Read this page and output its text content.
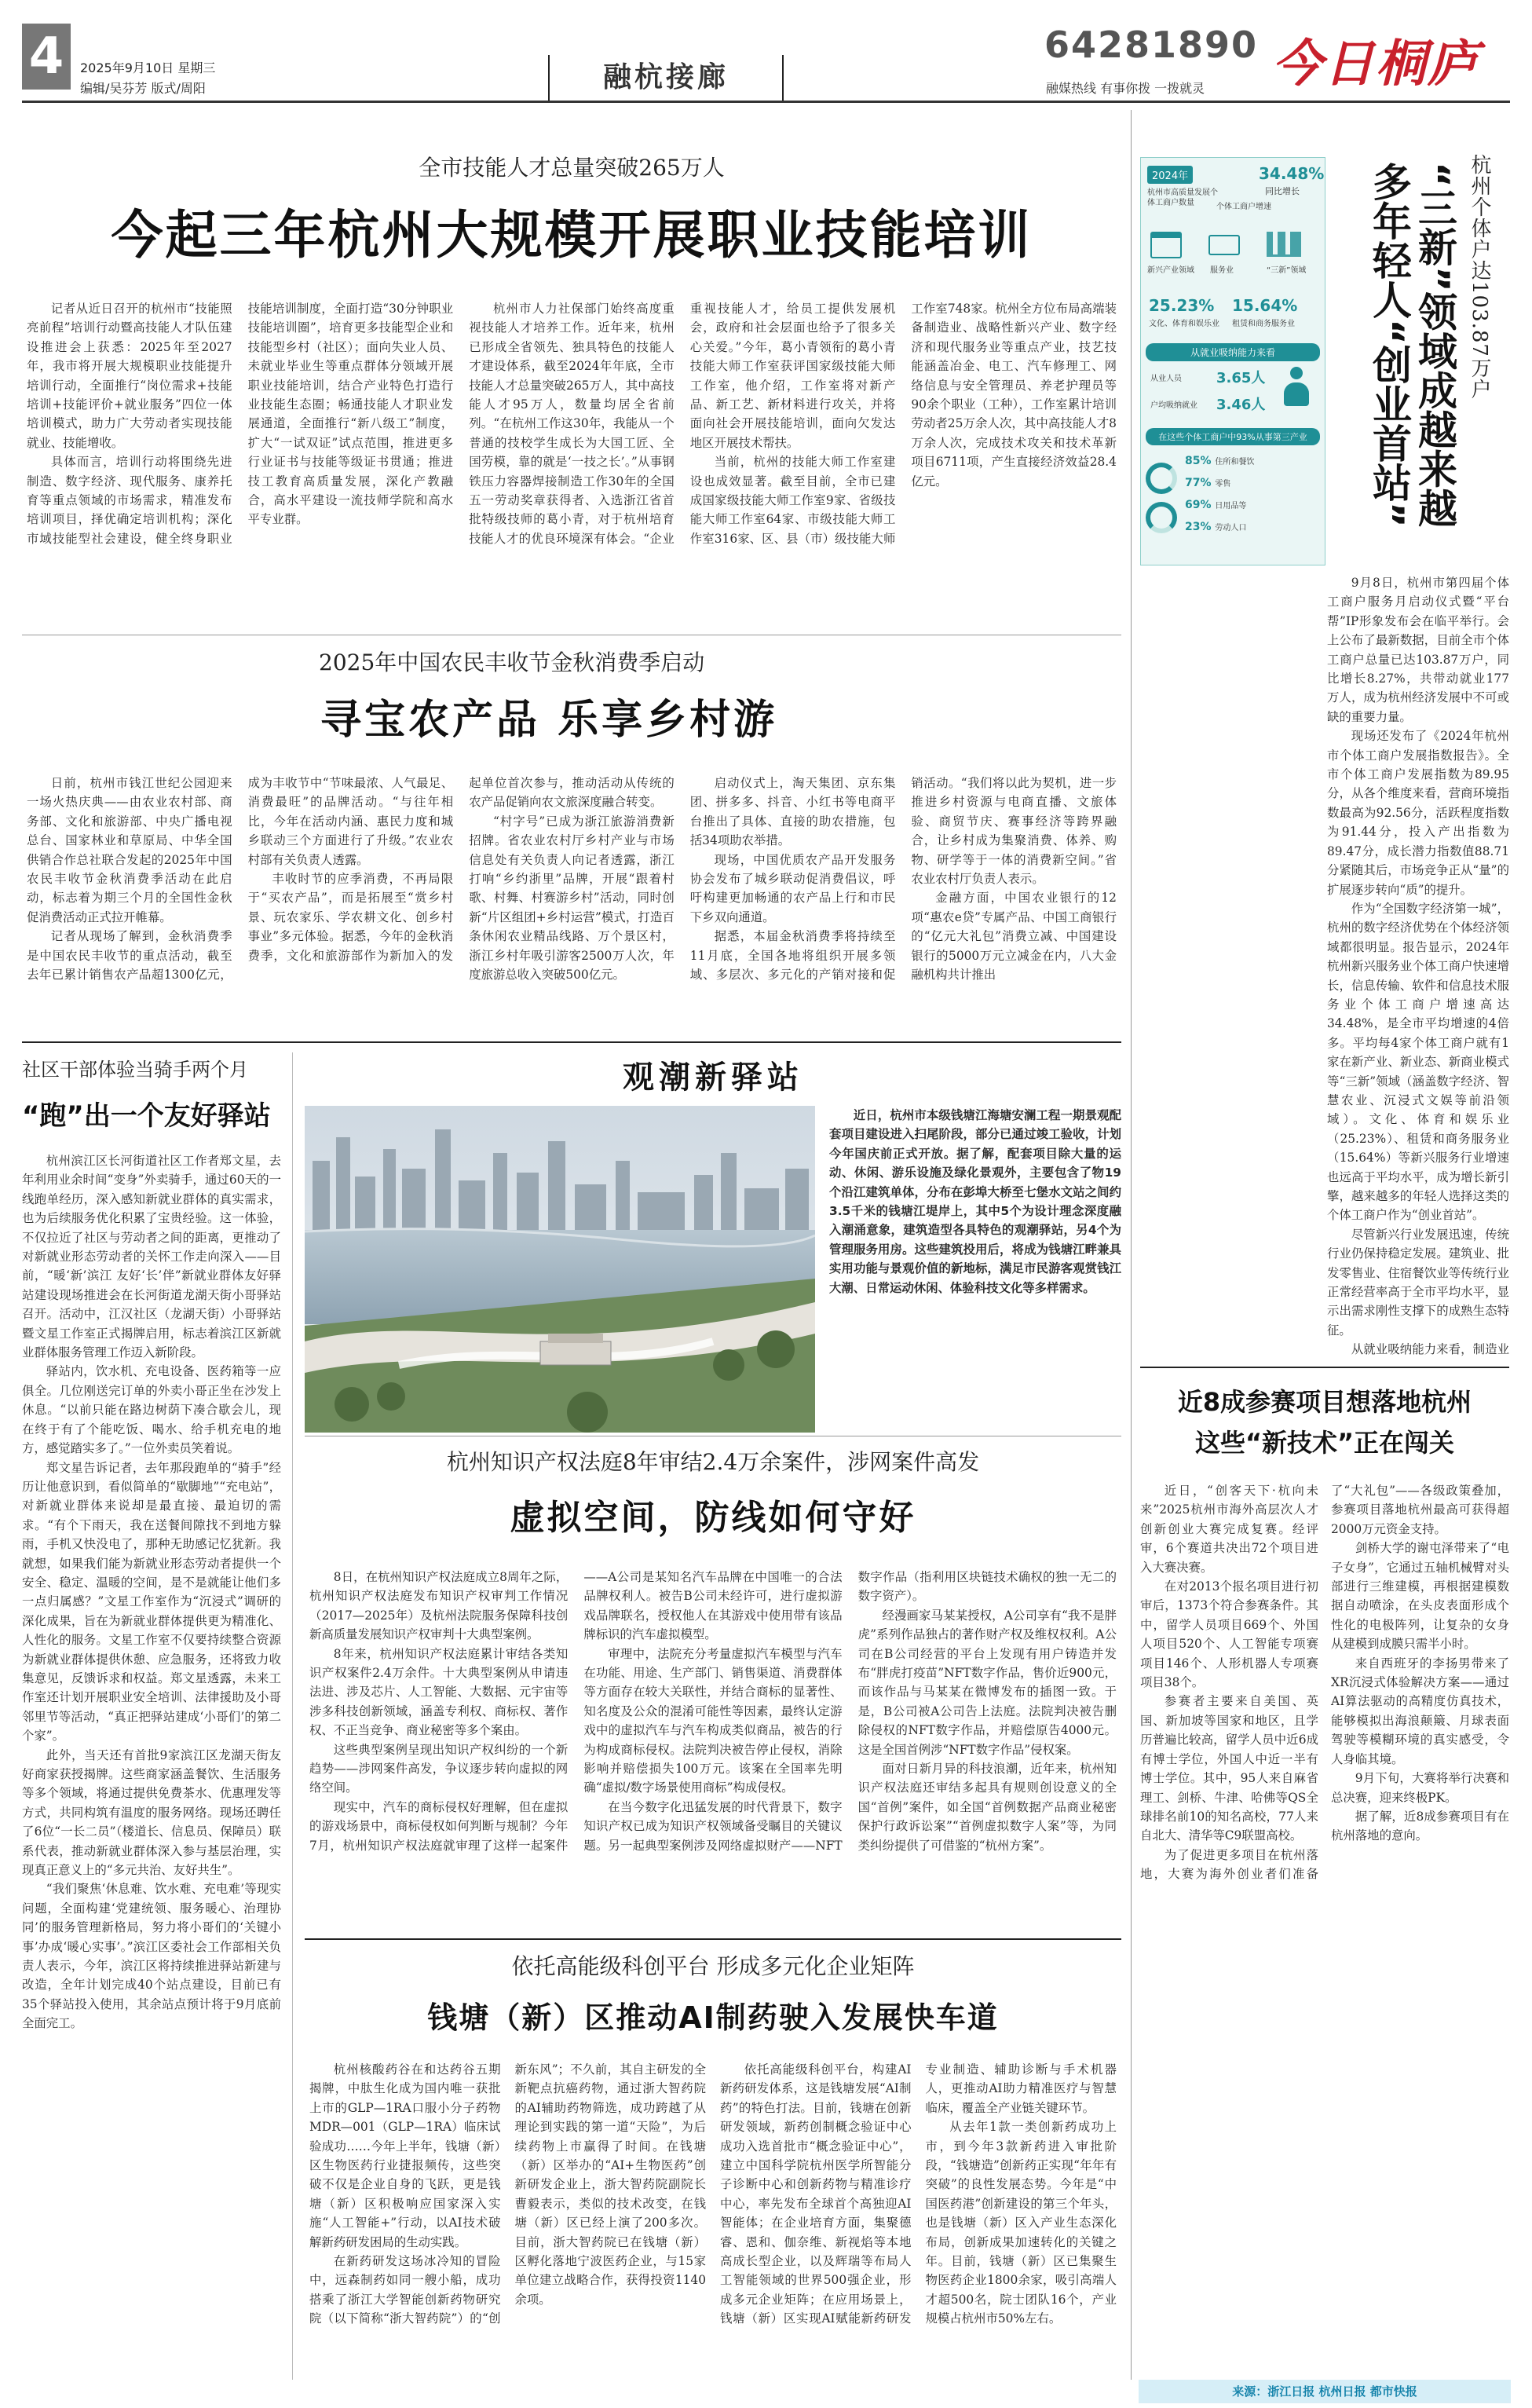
4	2025年9月10日 星期三
编辑/吴芬芳 版式/周阳	融杭接廊
64281890
融媒热线 有事你拨 一拨就灵 今日桐庐
全市技能人才总量突破265万人
今起三年杭州大规模开展职业技能培训

记者从近日召开的杭州市“技能照亮前程”培训行动暨高技能人才队伍建设推进会上获悉：2025年至2027年，我市将开展大规模职业技能提升培训行动，全面推行“岗位需求+技能培训+技能评价+就业服务”四位一体培训模式，助力广大劳动者实现技能就业、技能增收。

具体而言，培训行动将围绕先进制造、数字经济、现代服务、康养托育等重点领域的市场需求，精准发布培训项目，择优确定培训机构；深化市域技能型社会建设，健全终身职业技能培训制度，全面打造“30分钟职业技能培训圈”，培育更多技能型企业和技能型乡村（社区）；面向失业人员、未就业毕业生等重点群体分领域开展职业技能培训，结合产业特色打造行业技能生态圈；畅通技能人才职业发展通道，全面推行“新八级工”制度，扩大“一试双证”试点范围，推进更多行业证书与技能等级证书贯通；推进技工教育高质量发展，深化产教融合，高水平建设一流技师学院和高水平专业群。

杭州市人力社保部门始终高度重视技能人才培养工作。近年来，杭州已形成全省领先、独具特色的技能人才建设体系，截至2024年年底，全市技能人才总量突破265万人，其中高技能人才95万人，数量均居全省前列。“在杭州工作这30年，我能从一个普通的技校学生成长为大国工匠、全国劳模，靠的就是‘一技之长’。”从事钢铁压力容器焊接制造工作30年的全国五一劳动奖章获得者、入选浙江省首批特级技师的葛小青，对于杭州培育技能人才的优良环境深有体会。“企业重视技能人才，给员工提供发展机会，政府和社会层面也给予了很多关心关爱。”今年，葛小青领衔的葛小青技能大师工作室获评国家级技能大师工作室，他介绍，工作室将对新产品、新工艺、新材料进行攻关，并将面向社会开展技能培训，面向欠发达地区开展技术帮扶。

当前，杭州的技能大师工作室建设也成效显著。截至目前，全市已建成国家级技能大师工作室9家、省级技能大师工作室64家、市级技能大师工作室316家、区、县（市）级技能大师工作室748家。杭州全方位布局高端装备制造业、战略性新兴产业、数字经济和现代服务业等重点产业，技艺技能涵盖冶金、电工、汽车修理工、网络信息与安全管理员、养老护理员等90余个职业（工种），工作室累计培训劳动者25万余人次，其中高技能人才8万余人次，完成技术攻关和技术革新项目6711项，产生直接经济效益28.4亿元。

2025年中国农民丰收节金秋消费季启动
寻宝农产品 乐享乡村游

日前，杭州市钱江世纪公园迎来一场火热庆典——由农业农村部、商务部、文化和旅游部、中央广播电视总台、国家林业和草原局、中华全国供销合作总社联合发起的2025年中国农民丰收节金秋消费季活动在此启动，标志着为期三个月的全国性金秋促消费活动正式拉开帷幕。

记者从现场了解到，金秋消费季是中国农民丰收节的重点活动，截至去年已累计销售农产品超1300亿元，成为丰收节中“节味最浓、人气最足、消费最旺”的品牌活动。“与往年相比，今年在活动内涵、惠民力度和城乡联动三个方面进行了升级。”农业农村部有关负责人透露。

丰收时节的应季消费，不再局限于“买农产品”，而是拓展至“赏乡村景、玩农家乐、学农耕文化、创乡村事业”多元体验。据悉，今年的金秋消费季，文化和旅游部作为新加入的发起单位首次参与，推动活动从传统的农产品促销向农文旅深度融合转变。

“村字号”已成为浙江旅游消费新招牌。省农业农村厅乡村产业与市场信息处有关负责人向记者透露，浙江打响“乡约浙里”品牌，开展“跟着村歌、村舞、村赛游乡村”活动，同时创新“片区组团+乡村运营”模式，打造百条休闲农业精品线路、万个景区村，浙江乡村年吸引游客2500万人次，年度旅游总收入突破500亿元。

启动仪式上，淘天集团、京东集团、拼多多、抖音、小红书等电商平台推出了具体、直接的助农措施，包括34项助农举措。

现场，中国优质农产品开发服务协会发布了城乡联动促消费倡议，呼吁构建更加畅通的农产品上行和市民下乡双向通道。

据悉，本届金秋消费季将持续至11月底，全国各地将组织开展多领域、多层次、多元化的产销对接和促销活动。“我们将以此为契机，进一步推进乡村资源与电商直播、文旅体验、商贸节庆、赛事经济等跨界融合，让乡村成为集聚消费、体养、购物、研学等于一体的消费新空间。”省农业农村厅负责人表示。

金融方面，中国农业银行的12项“惠农e贷”专属产品、中国工商银行的“亿元大礼包”消费立减、中国建设银行的5000万元立减金在内，八大金融机构共计推出

社区干部体验当骑手两个月
“跑”出一个友好驿站

杭州滨江区长河街道社区工作者郑文星，去年利用业余时间“变身”外卖骑手，通过60天的一线跑单经历，深入感知新就业群体的真实需求，也为后续服务优化积累了宝贵经验。这一体验，不仅拉近了社区与劳动者之间的距离，更推动了对新就业形态劳动者的关怀工作走向深入——目前，“暖‘新’滨江 友好‘长’伴”新就业群体友好驿站建设现场推进会在长河街道龙湖天街小哥驿站召开。活动中，江汉社区（龙湖天街）小哥驿站暨文星工作室正式揭牌启用，标志着滨江区新就业群体服务管理工作迈入新阶段。

驿站内，饮水机、充电设备、医药箱等一应俱全。几位刚送完订单的外卖小哥正坐在沙发上休息。“以前只能在路边树荫下凑合歇会儿，现在终于有了个能吃饭、喝水、给手机充电的地方，感觉踏实多了。”一位外卖员笑着说。

郑文星告诉记者，去年那段跑单的“骑手”经历让他意识到，看似简单的“歇脚地”“充电站”，对新就业群体来说却是最直接、最迫切的需求。“有个下雨天，我在送餐间隙找不到地方躲雨，手机又快没电了，那种无助感记忆犹新。我就想，如果我们能为新就业形态劳动者提供一个安全、稳定、温暖的空间，是不是就能让他们多一点归属感？”文星工作室作为“沉浸式”调研的深化成果，旨在为新就业群体提供更为精准化、人性化的服务。文星工作室不仅要持续整合资源为新就业群体提供休憩、应急服务，还将致力收集意见，反馈诉求和权益。郑文星透露，未来工作室还计划开展职业安全培训、法律援助及小哥邻里节等活动，“真正把驿站建成‘小哥们’的第二个家”。

此外，当天还有首批9家滨江区龙湖天街友好商家获授揭牌。这些商家涵盖餐饮、生活服务等多个领域，将通过提供免费茶水、优惠理发等方式，共同构筑有温度的服务网络。现场还聘任了6位“一长二员”（楼道长、信息员、保障员）联系代表，推动新就业群体深入参与基层治理，实现真正意义上的“多元共治、友好共生”。

“我们聚焦‘休息难、饮水难、充电难’等现实问题，全面构建‘党建统领、服务暖心、治理协同’的服务管理新格局，努力将小哥们的‘关键小事’办成‘暖心实事’。”滨江区委社会工作部相关负责人表示，今年，滨江区将持续推进驿站新建与改造，全年计划完成40个站点建设，目前已有35个驿站投入使用，其余站点预计将于9月底前全面完工。

观潮新驿站
近日，杭州市本级钱塘江海塘安澜工程一期景观配套项目建设进入扫尾阶段，部分已通过竣工验收，计划今年国庆前正式开放。据了解，配套项目除大量的运动、休闲、游乐设施及绿化景观外，主要包含了物19个沿江建筑单体，分布在彭埠大桥至七堡水文站之间约3.5千米的钱塘江堤岸上，其中5个为设计理念深度融入潮涌意象，建筑造型各具特色的观潮驿站，另4个为管理服务用房。这些建筑投用后，将成为钱塘江畔兼具实用功能与景观价值的新地标，满足市民游客观赏钱江大潮、日常运动休闲、体验科技文化等多样需求。
杭州知识产权法庭8年审结2.4万余案件，涉网案件高发
虚拟空间，防线如何守好

8日，在杭州知识产权法庭成立8周年之际，杭州知识产权法庭发布知识产权审判工作情况（2017—2025年）及杭州法院服务保障科技创新高质量发展知识产权审判十大典型案例。

8年来，杭州知识产权法庭累计审结各类知识产权案件2.4万余件。十大典型案例从申请违法进、涉及芯片、人工智能、大数据、元宇宙等涉多科技创新领域，涵盖专利权、商标权、著作权、不正当竞争、商业秘密等多个案由。

这些典型案例呈现出知识产权纠纷的一个新趋势——涉网案件高发，争议逐步转向虚拟的网络空间。

现实中，汽车的商标侵权好理解，但在虚拟的游戏场景中，商标侵权如何判断与规制？今年7月，杭州知识产权法庭就审理了这样一起案件——A公司是某知名汽车品牌在中国唯一的合法品牌权利人。被告B公司未经许可，进行虚拟游戏品牌联名，授权他人在其游戏中使用带有该品牌标识的汽车虚拟模型。

审理中，法院充分考量虚拟汽车模型与汽车在功能、用途、生产部门、销售渠道、消费群体等方面存在较大关联性，并结合商标的显著性、知名度及公众的混淆可能性等因素，最终认定游戏中的虚拟汽车与汽车构成类似商品，被告的行为构成商标侵权。法院判决被告停止侵权，消除影响并赔偿损失100万元。该案在全国率先明确“虚拟/数字场景使用商标”构成侵权。

在当今数字化迅猛发展的时代背景下，数字知识产权已成为知识产权领域备受瞩目的关键议题。另一起典型案例涉及网络虚拟财产——NFT数字作品（指利用区块链技术确权的独一无二的数字资产）。

经漫画家马某某授权，A公司享有“我不是胖虎”系列作品独占的著作财产权及维权权利。A公司在B公司经营的平台上发现有用户铸造并发布“胖虎打疫苗”NFT数字作品，售价近900元，而该作品与马某某在微博发布的插图一致。于是，B公司被A公司告上法庭。法院判决被告删除侵权的NFT数字作品，并赔偿原告4000元。这是全国首例涉“NFT数字作品”侵权案。

面对日新月异的科技浪潮，近年来，杭州知识产权法庭还审结多起具有规则创设意义的全国“首例”案件，如全国“首例数据产品商业秘密保护行政诉讼案”“首例虚拟数字人案”等，为同类纠纷提供了可借鉴的“杭州方案”。

依托高能级科创平台 形成多元化企业矩阵
钱塘（新）区推动AI制药驶入发展快车道

杭州核酸药谷在和达药谷五期揭牌，中肽生化成为国内唯一获批上市的GLP—1RA口服小分子药物MDR—001（GLP—1RA）临床试验成功……今年上半年，钱塘（新）区生物医药行业捷报频传，这些突破不仅是企业自身的飞跃，更是钱塘（新）区积极响应国家深入实施“人工智能+”行动，以AI技术破解新药研发困局的生动实践。

在新药研发这场冰冷知的冒险中，远森制药如同一艘小船，成功搭乘了浙江大学智能创新药物研究院（以下简称“浙大智药院”）的“创新东风”；不久前，其自主研发的全新靶点抗癌药物，通过浙大智药院的AI辅助药物筛选，成功跨越了从理论到实践的第一道“天险”，为后续药物上市赢得了时间。在钱塘（新）区举办的“AI+生物医药”创新研发企业上，浙大智药院副院长曹毅表示，类似的技术改变，在钱塘（新）区已经上演了200多次。目前，浙大智药院已在钱塘（新）区孵化落地宁波医药企业，与15家单位建立战略合作，获得投资1140余项。

依托高能级科创平台，构建AI新药研发体系，这是钱塘发展“AI制药”的特色打法。目前，钱塘在创新研发领域，新药创制概念验证中心成功入选首批市“概念验证中心”，建立中国科学院杭州医学所智能分子诊断中心和创新药物与精准诊疗中心，率先发布全球首个高独迎AI智能体；在企业培育方面，集聚德睿、恩和、伽奈维、新视焰等本地高成长型企业，以及辉瑞等布局人工智能领域的世界500强企业，形成多元企业矩阵；在应用场景上，钱塘（新）区实现AI赋能新药研发专业制造、辅助诊断与手术机器人，更推动AI助力精准医疗与智慧临床，覆盖全产业链关键环节。

从去年1款一类创新药成功上市，到今年3款新药进入审批阶段，“钱塘造”创新药正实现“年年有突破”的良性发展态势。今年是“中国医药港”创新建设的第三个年头，也是钱塘（新）区入产业生态深化布局，创新成果加速转化的关键之年。目前，钱塘（新）区已集聚生物医药企业1800余家，吸引高端人才超500名，院士团队16个，产业规模占杭州市50%左右。

2024年	34.48%
同比增长
杭州市高质量发展个体工商户数量	个体工商户增速
新兴产业领域 服务业	“三新”领域
25.23%
文化、体育和娱乐业
15.64%
租赁和商务服务业
从就业吸纳能力来看
3.65人
从业人员
3.46人
户均吸纳就业
在这些个体工商户中93%从事第三产业
85% 住所和餐饮
77% 零售
69% 日用品等
23% 劳动人口
杭州个体户达103.87万户
“三新”领域成越来越多年轻人“创业首站”

9月8日，杭州市第四届个体工商户服务月启动仪式暨“平台帮”IP形象发布会在临平举行。会上公布了最新数据，目前全市个体工商户总量已达103.87万户，同比增长8.27%，共带动就业177万人，成为杭州经济发展中不可或缺的重要力量。

现场还发布了《2024年杭州市个体工商户发展指数报告》。全市个体工商户发展指数为89.95分，从各个维度来看，营商环境指数最高为92.56分，活跃程度指数为91.44分，投入产出指数为89.47分，成长潜力指数值88.71分紧随其后，市场竞争正从“量”的扩展逐步转向“质”的提升。

作为“全国数字经济第一城”，杭州的数字经济优势在个体经济领域都很明显。报告显示，2024年杭州新兴服务业个体工商户快速增长，信息传输、软件和信息技术服务业个体工商户增速高达34.48%，是全市平均增速的4倍多。平均每4家个体工商户就有1家在新产业、新业态、新商业模式等“三新”领域（涵盖数字经济、智慧农业、沉浸式文娱等前沿领域）。文化、体育和娱乐业（25.23%）、租赁和商务服务业（15.64%）等新兴服务行业增速也远高于平均水平，成为增长新引擎，越来越多的年轻人选择这类的个体工商户作为“创业首站”。

尽管新兴行业发展迅速，传统行业仍保持稳定发展。建筑业、批发零售业、住宿餐饮业等传统行业正常经营率高于全市平均水平，显示出需求刚性支撑下的成熟生态特征。

从就业吸纳能力来看，制造业

近8成参赛项目想落地杭州
这些“新技术”正在闯关

近日，“创客天下·杭向未来”2025杭州市海外高层次人才创新创业大赛完成复赛。经评审，6个赛道共决出72个项目进入大赛决赛。

在对2013个报名项目进行初审后，1373个符合参赛条件。其中，留学人员项目669个、外国人项目520个、人工智能专项赛项目146个、人形机器人专项赛项目38个。

参赛者主要来自美国、英国、新加坡等国家和地区，且学历普遍比较高，留学人员中近6成有博士学位，外国人中近一半有博士学位。其中，95人来自麻省理工、剑桥、牛津、哈佛等QS全球排名前10的知名高校，77人来自北大、清华等C9联盟高校。

为了促进更多项目在杭州落地，大赛为海外创业者们准备了“大礼包”——各级政策叠加，参赛项目落地杭州最高可获得超2000万元资金支持。

剑桥大学的谢屯泽带来了“电子女身”，它通过五轴机械臂对头部进行三维建模，再根据建模数据自动喷涂，在头皮表面形成个性化的电极阵列，让复杂的女身从建模到成膜只需半小时。

来自西班牙的李扬男带来了XR沉浸式体验解决方案——通过AI算法驱动的高精度仿真技术，能够模拟出海浪颠簸、月球表面驾驶等模糊环境的真实感受，令人身临其境。

9月下旬，大赛将举行决赛和总决赛，迎来终极PK。

据了解，近8成参赛项目有在杭州落地的意向。

来源：浙江日报 杭州日报 都市快报
